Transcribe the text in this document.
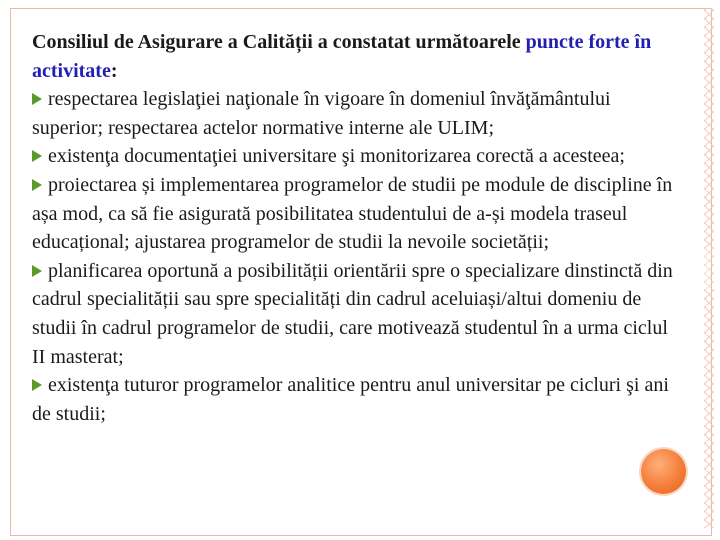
Consiliul de Asigurare a Calității a constatat următoarele puncte forte în activitate:

respectarea legislaţiei naţionale în vigoare în domeniul învăţământului superior; respectarea actelor normative interne ale ULIM;

existenţa documentaţiei universitare şi monitorizarea corectă a acesteea;

proiectarea și implementarea programelor de studii pe module de discipline în așa mod, ca să fie asigurată posibilitatea studentului de a-și modela traseul educațional; ajustarea programelor de studii la nevoile societății;

planificarea oportună a posibilității orientării spre o specializare dinstinctă din cadrul specialității sau spre specialități din cadrul aceluiași/altui domeniu de studii în cadrul programelor de studii, care motivează studentul în a urma ciclul II masterat;

existenţa tuturor programelor analitice pentru anul universitar pe cicluri şi ani de studii;
